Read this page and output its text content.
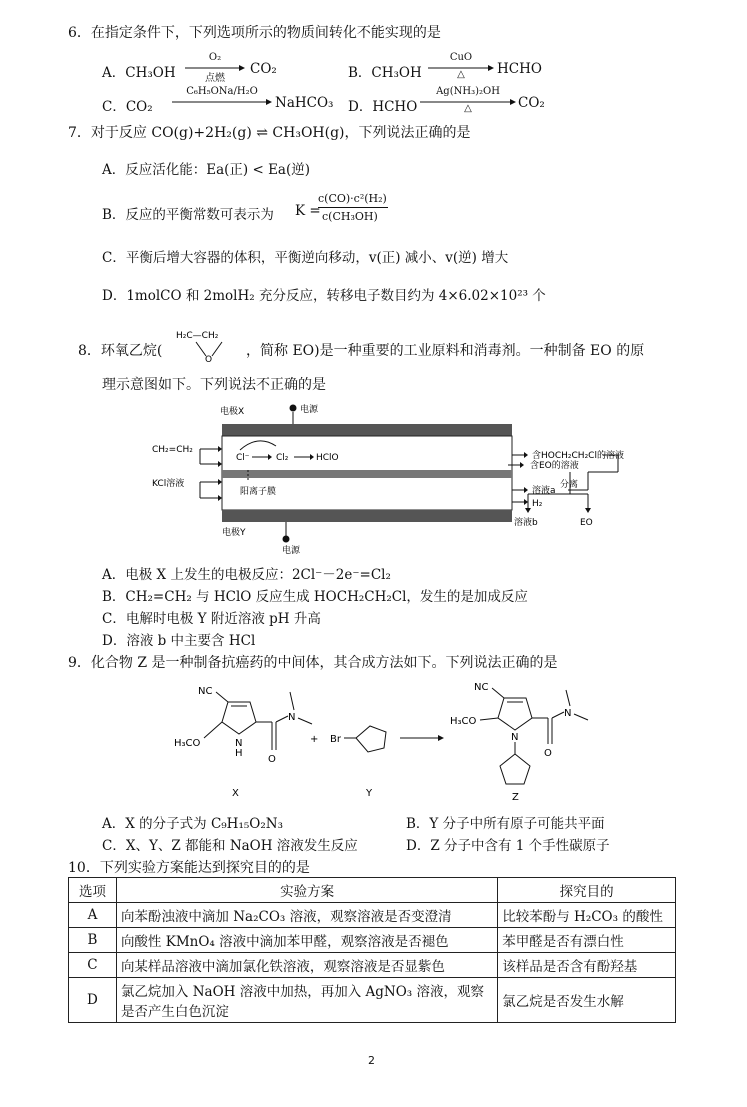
6．在指定条件下，下列选项所示的物质间转化不能实现的是
A．CH₃OH
O₂
点燃
CO₂	B．CH₃OH
CuO
△	HCHO
C．CO₂
C₆H₅ONa/H₂O
NaHCO₃ D．HCHO
Ag(NH₃)₂OH
△	CO₂
7．对于反应 CO(g)+2H₂(g) ⇌ CH₃OH(g)，下列说法正确的是
A．反应活化能：Ea(正) < Ea(逆)
B．反应的平衡常数可表示为 K =
c(CO)·c²(H₂)
c(CH₃OH)
C．平衡后增大容器的体积，平衡逆向移动，v(正) 减小、v(逆) 增大
D．1molCO 和 2molH₂ 充分反应，转移电子数目约为 4×6.02×10²³ 个
8．环氧乙烷(
H₂C—CH₂
O
，简称 EO)是一种重要的工业原料和消毒剂。一种制备 EO 的原
理示意图如下。下列说法不正确的是
电极X	电源
电极Y
电源
CH₂=CH₂
KCl溶液
Cl⁻	Cl₂	HClO
阳离子膜
含HOCH₂CH₂Cl的溶液
溶液a
H₂
. 含EO的溶液
分离
溶液b	EO
A．电极 X 上发生的电极反应：2Cl⁻－2e⁻=Cl₂
B．CH₂=CH₂ 与 HClO 反应生成 HOCH₂CH₂Cl，发生的是加成反应
C．电解时电极 Y 附近溶液 pH 升高
D．溶液 b 中主要含 HCl
9．化合物 Z 是一种制备抗癌药的中间体，其合成方法如下。下列说法正确的是
NC
H₃CO	N
H
O
N
X
+ Br
Y
NC
H₃CO
N
O
N
Z
A．X 的分子式为 C₉H₁₅O₂N₃	B．Y 分子中所有原子可能共平面
C．X、Y、Z 都能和 NaOH 溶液发生反应	D．Z 分子中含有 1 个手性碳原子
10．下列实验方案能达到探究目的的是
选项	实验方案	探究目的
A	向苯酚浊液中滴加 Na₂CO₃ 溶液，观察溶液是否变澄清	比较苯酚与 H₂CO₃ 的酸性
B	向酸性 KMnO₄ 溶液中滴加苯甲醛，观察溶液是否褪色	苯甲醛是否有漂白性
C	向某样品溶液中滴加氯化铁溶液，观察溶液是否显紫色	该样品是否含有酚羟基
D	氯乙烷加入 NaOH 溶液中加热，再加入 AgNO₃ 溶液，观察是否产生白色沉淀	氯乙烷是否发生水解
2
